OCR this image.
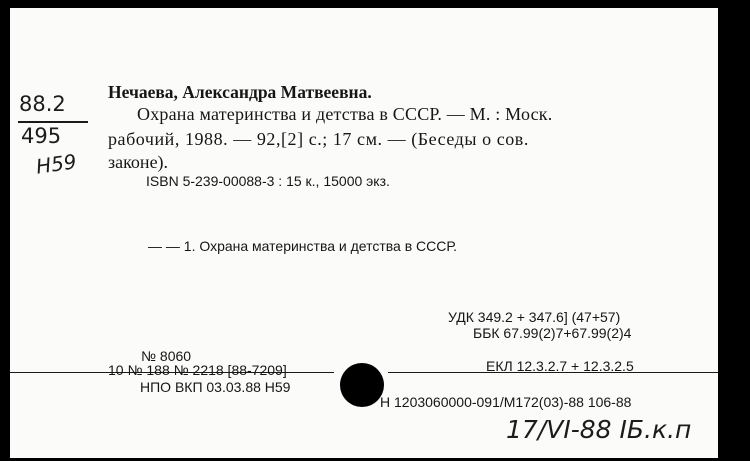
88.2
495
Н59
Нечаева, Александра Матвеевна.
Охрана материнства и детства в СССР. — М. : Моск.
рабочий, 1988. — 92,[2] с.; 17 см. — (Беседы о сов.
законе).
ISBN 5-239-00088-3 : 15 к., 15000 экз.
— — 1. Охрана материнства и детства в СССР.
УДК 349.2 + 347.6] (47+57)
ББК 67.99(2)7+67.99(2)4
№ 8060
10 № 188 № 2218 [88-7209]
НПО ВКП 03.03.88 Н59
ЕКЛ 12.3.2.7 + 12.3.2.5
Н 1203060000-091/М172(03)-88 106-88
17/VI-88 IБ.к.п
